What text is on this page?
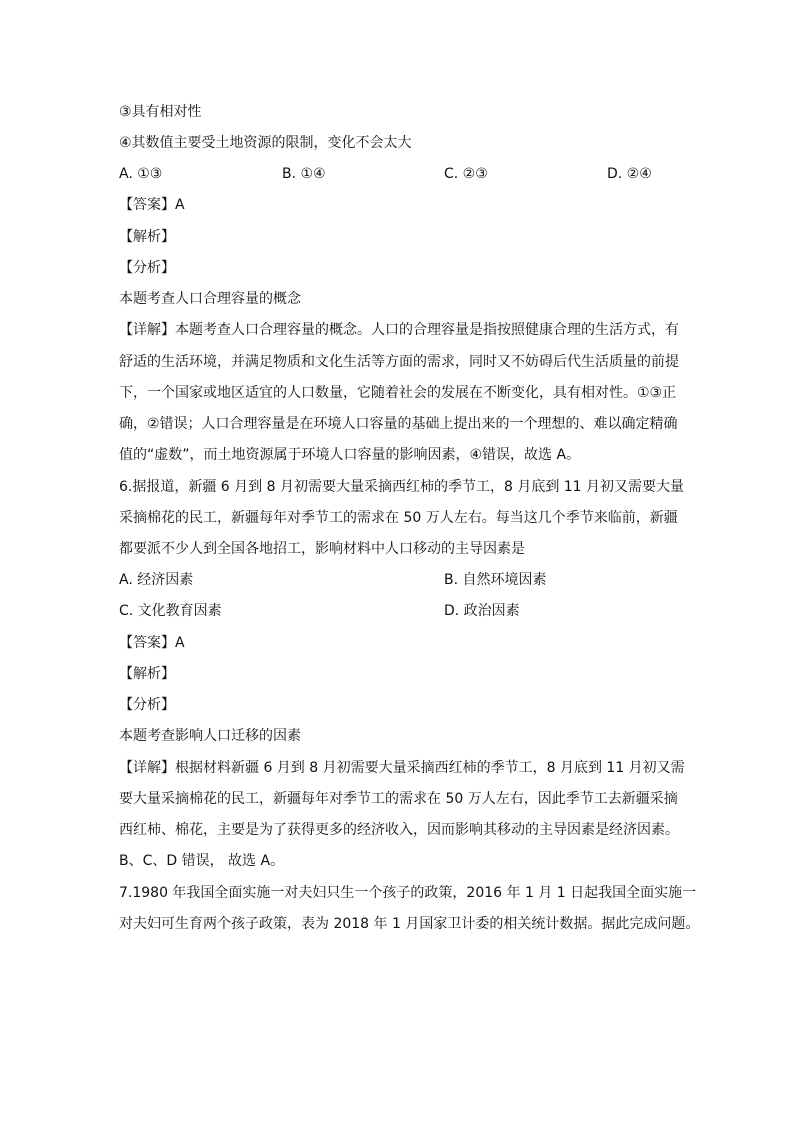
③具有相对性
④其数值主要受土地资源的限制，变化不会太大
A. ①③	B. ①④	C. ②③	D. ②④
【答案】A
【解析】
【分析】
本题考查人口合理容量的概念
【详解】本题考查人口合理容量的概念。人口的合理容量是指按照健康合理的生活方式，有
舒适的生活环境，并满足物质和文化生活等方面的需求，同时又不妨碍后代生活质量的前提
下，一个国家或地区适宜的人口数量，它随着社会的发展在不断变化，具有相对性。①③正
确，②错误；人口合理容量是在环境人口容量的基础上提出来的一个理想的、难以确定精确
值的“虚数”，而土地资源属于环境人口容量的影响因素，④错误，故选 A。
6.据报道，新疆 6 月到 8 月初需要大量采摘西红柿的季节工，8 月底到 11 月初又需要大量
采摘棉花的民工，新疆每年对季节工的需求在 50 万人左右。每当这几个季节来临前，新疆
都要派不少人到全国各地招工，影响材料中人口移动的主导因素是
A. 经济因素	B. 自然环境因素
C. 文化教育因素	D. 政治因素
【答案】A
【解析】
【分析】
本题考查影响人口迁移的因素
【详解】根据材料新疆 6 月到 8 月初需要大量采摘西红柿的季节工，8 月底到 11 月初又需
要大量采摘棉花的民工，新疆每年对季节工的需求在 50 万人左右，因此季节工去新疆采摘
西红柿、棉花，主要是为了获得更多的经济收入，因而影响其移动的主导因素是经济因素。
B、C、D 错误， 故选 A。
7.1980 年我国全面实施一对夫妇只生一个孩子的政策，2016 年 1 月 1 日起我国全面实施一
对夫妇可生育两个孩子政策，表为 2018 年 1 月国家卫计委的相关统计数据。据此完成问题。
